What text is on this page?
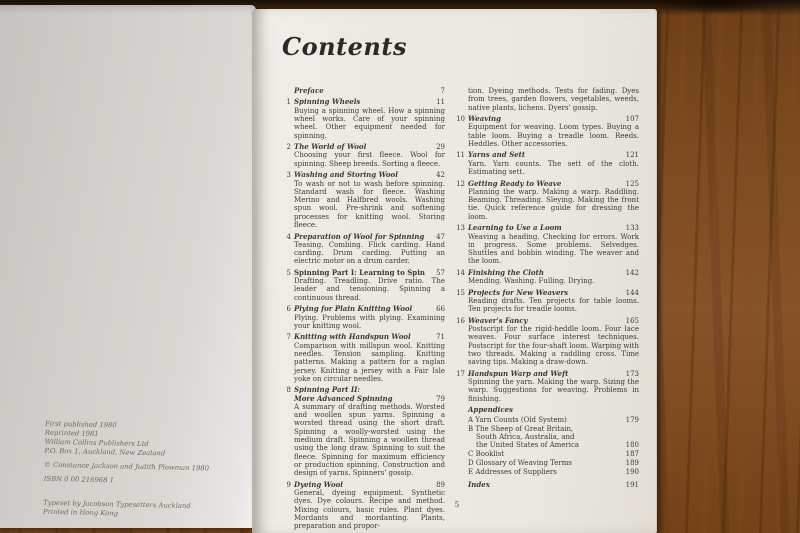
First published 1980
Reprinted 1981
William Collins Publishers Ltd
P.O. Box 1, Auckland, New Zealand
© Constance Jackson and Judith Plowman 1980
ISBN 0 00 216968 1
Typeset by Jacobson Typesetters Auckland
Printed in Hong Kong
Contents
Preface	7
1 Spinning Wheels	11
Buying a spinning wheel. How a spinning wheel works. Care of your spinning wheel. Other equipment needed for spinning.
2 The World of Wool	29
Choosing your first fleece. Wool for spinning. Sheep breeds. Sorting a fleece.
3 Washing and Storing Wool	42
To wash or not to wash before spinning. Standard wash for fleece. Washing Merino and Halfbred wools. Washing spun wool. Pre-shrink and softening processes for knitting wool. Storing fleece.
4 Preparation of Wool for Spinning	47
Teasing. Combing. Flick carding. Hand carding. Drum carding. Putting an electric motor on a drum carder.
5 Spinning Part I: Learning to Spin	57
Drafting. Treadling. Drive ratio. The leader and tensioning. Spinning a continuous thread.
6 Plying for Plain Knitting Wool	66
Plying. Problems with plying. Examining your knitting wool.
7 Knitting with Handspun Wool	71
Comparison with millspun wool. Knitting needles. Tension sampling. Knitting patterns. Making a pattern for a raglan jersey. Knitting a jersey with a Fair Isle yoke on circular needles.
8 Spinning Part II:
More Advanced Spinning	79
A summary of drafting methods. Worsted and woollen spun yarns. Spinning a worsted thread using the short draft. Spinning a woolly-worsted using the medium draft. Spinning a woollen thread using the long draw. Spinning to suit the fleece. Spinning for maximum efficiency or production spinning. Construction and design of yarns. Spinners' gossip.
9 Dyeing Wool	89
General, dyeing equipment. Synthetic dyes. Dye colours. Recipe and method. Mixing colours, basic rules. Plant dyes. Mordants and mordanting. Plants, preparation and propor-
tion. Dyeing methods. Tests for fading. Dyes from trees, garden flowers, vegetables, weeds, native plants, lichens. Dyers' gossip.
10 Weaving	107
Equipment for weaving. Loom types. Buying a table loom. Buying a treadle loom. Reeds. Heddles. Other accessories.
11 Yarns and Sett	121
Yarn. Yarn counts. The sett of the cloth. Estimating sett.
12 Getting Ready to Weave	125
Planning the warp. Making a warp. Raddling. Beaming. Threading. Sleying. Making the front tie. Quick reference guide for dressing the loom.
13 Learning to Use a Loom	133
Weaving a heading. Checking for errors. Work in progress. Some problems. Selvedges. Shuttles and bobbin winding. The weaver and the loom.
14 Finishing the Cloth	142
Mending. Washing. Fulling. Drying.
15 Projects for New Weavers	144
Reading drafts. Ten projects for table looms. Ten projects for treadle looms.
16 Weaver's Fancy	165
Postscript for the rigid-heddle loom. Four lace weaves. Four surface interest techniques. Postscript for the four-shaft loom. Warping with two threads. Making a raddling cross. Time saving tips. Making a draw-down.
17 Handspun Warp and Weft	173
Spinning the yarn. Making the warp. Sizing the warp. Suggestions for weaving. Problems in finishing.
Appendices
A Yarn Counts (Old System)	179
B The Sheep of Great Britain,
South Africa, Australia, and
the United States of America	180
C Booklist	187
D Glossary of Weaving Terms	189
E Addresses of Suppliers	190
Index	191
5
